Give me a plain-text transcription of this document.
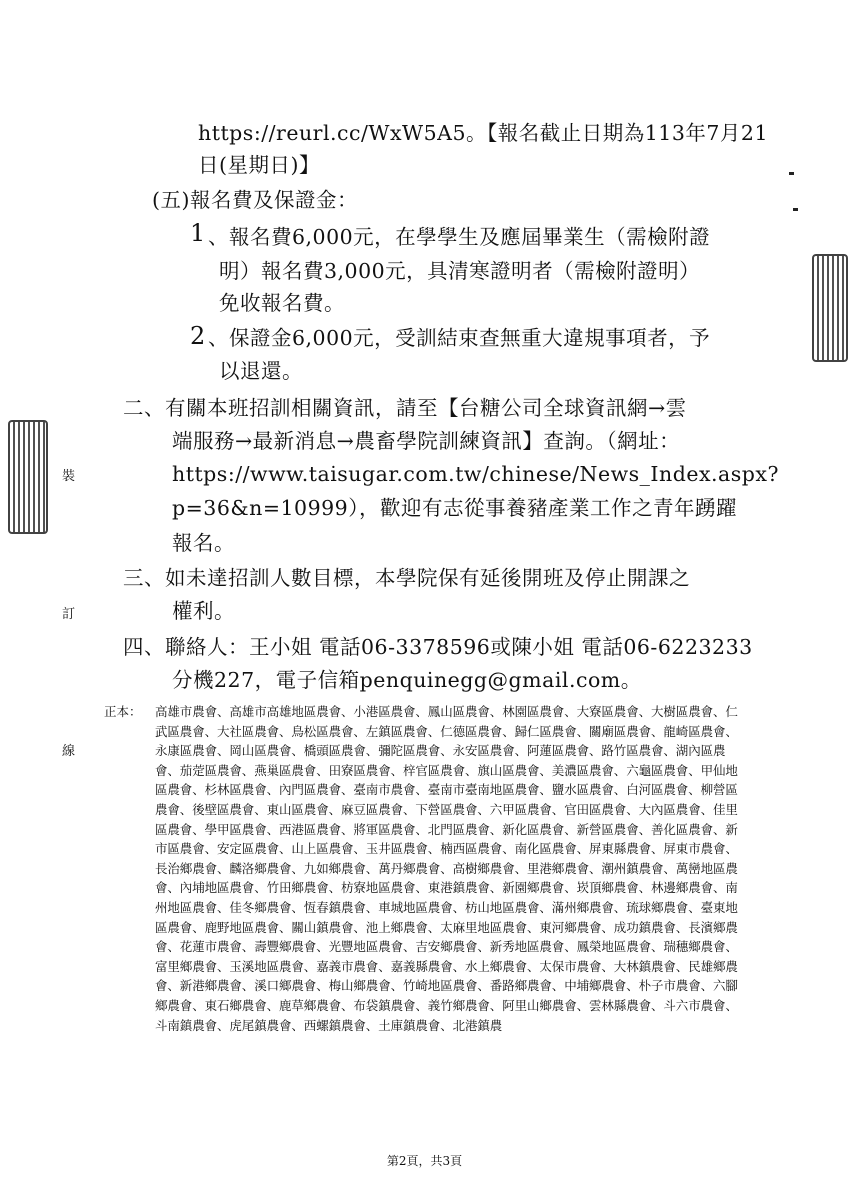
https://reurl.cc/WxW5A5。【報名截止日期為113年7月21
日(星期日)】
(五)報名費及保證金：
1 、報名費6,000元，在學學生及應屆畢業生（需檢附證
明）報名費3,000元，具清寒證明者（需檢附證明）
免收報名費。
2 、保證金6,000元，受訓結束查無重大違規事項者，予
以退還。
二、有關本班招訓相關資訊，請至【台糖公司全球資訊網→雲
端服務→最新消息→農畜學院訓練資訊】查詢。（網址：
https://www.taisugar.com.tw/chinese/News_Index.aspx?
p=36&n=10999），歡迎有志從事養豬產業工作之青年踴躍
報名。
三、如未達招訓人數目標，本學院保有延後開班及停止開課之
權利。
四、聯絡人：王小姐 電話06-3378596或陳小姐 電話06-6223233
分機227，電子信箱penquinegg@gmail.com。
正本： 高雄市農會、高雄市高雄地區農會、小港區農會、鳳山區農會、林園區農會、大寮區農會、大樹區農會、仁武區農會、大社區農會、鳥松區農會、左鎮區農會、仁德區農會、歸仁區農會、關廟區農會、龍崎區農會、永康區農會、岡山區農會、橋頭區農會、彌陀區農會、永安區農會、阿蓮區農會、路竹區農會、湖內區農會、茄萣區農會、燕巢區農會、田寮區農會、梓官區農會、旗山區農會、美濃區農會、六龜區農會、甲仙地區農會、杉林區農會、內門區農會、臺南市農會、臺南市臺南地區農會、鹽水區農會、白河區農會、柳營區農會、後壁區農會、東山區農會、麻豆區農會、下營區農會、六甲區農會、官田區農會、大內區農會、佳里區農會、學甲區農會、西港區農會、將軍區農會、北門區農會、新化區農會、新營區農會、善化區農會、新市區農會、安定區農會、山上區農會、玉井區農會、楠西區農會、南化區農會、屏東縣農會、屏東市農會、長治鄉農會、麟洛鄉農會、九如鄉農會、萬丹鄉農會、高樹鄉農會、里港鄉農會、潮州鎮農會、萬巒地區農會、內埔地區農會、竹田鄉農會、枋寮地區農會、東港鎮農會、新園鄉農會、崁頂鄉農會、林邊鄉農會、南州地區農會、佳冬鄉農會、恆春鎮農會、車城地區農會、枋山地區農會、滿州鄉農會、琉球鄉農會、臺東地區農會、鹿野地區農會、關山鎮農會、池上鄉農會、太麻里地區農會、東河鄉農會、成功鎮農會、長濱鄉農會、花蓮市農會、壽豐鄉農會、光豐地區農會、吉安鄉農會、新秀地區農會、鳳榮地區農會、瑞穗鄉農會、富里鄉農會、玉溪地區農會、嘉義市農會、嘉義縣農會、水上鄉農會、太保市農會、大林鎮農會、民雄鄉農會、新港鄉農會、溪口鄉農會、梅山鄉農會、竹崎地區農會、番路鄉農會、中埔鄉農會、朴子市農會、六腳鄉農會、東石鄉農會、鹿草鄉農會、布袋鎮農會、義竹鄉農會、阿里山鄉農會、雲林縣農會、斗六市農會、斗南鎮農會、虎尾鎮農會、西螺鎮農會、土庫鎮農會、北港鎮農

裝
訂
線
第2頁，共3頁
